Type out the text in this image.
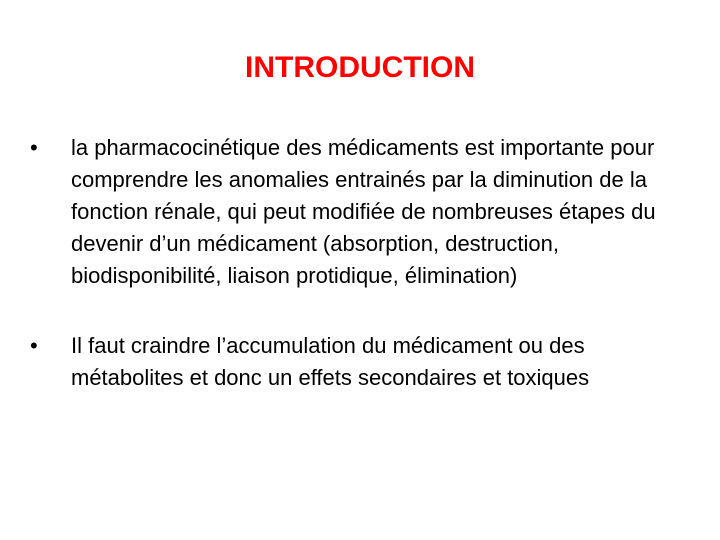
INTRODUCTION
• la pharmacocinétique des médicaments est importante pour comprendre les anomalies entrainés par la diminution de la fonction rénale, qui peut modifiée de nombreuses étapes du devenir d’un médicament (absorption, destruction, biodisponibilité, liaison protidique, élimination)
• Il faut craindre l’accumulation du médicament ou des métabolites et donc un effets secondaires et toxiques
